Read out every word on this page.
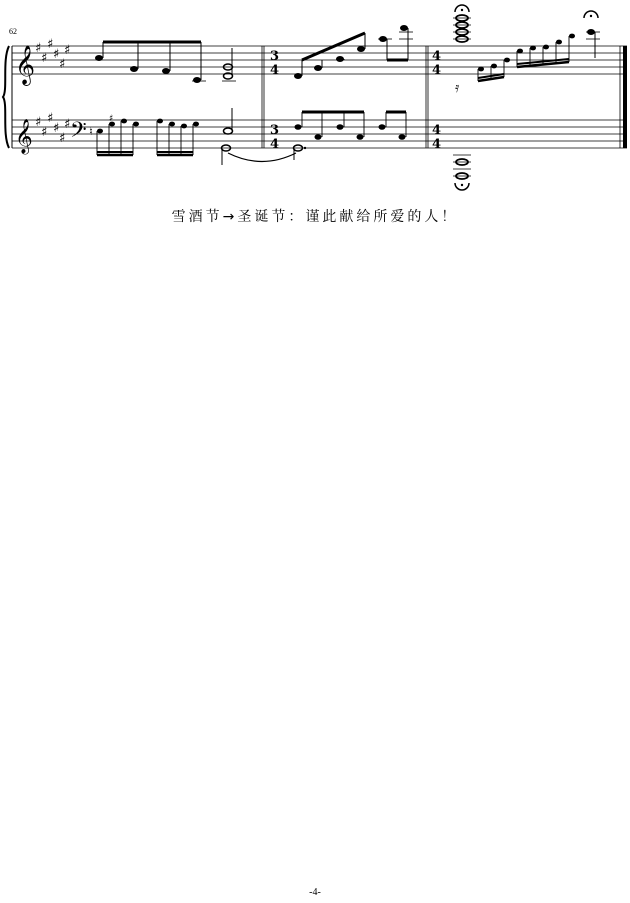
62
𝄞
𝄞 𝄢
♯
♯
♯
♯
♯
♯
♯
♯
♯
♯
♯
♯
3
4
3
4
4
4
4
4
𝄿
♮
♯
雪酒节→圣诞节：谨此献给所爱的人！
-4-
